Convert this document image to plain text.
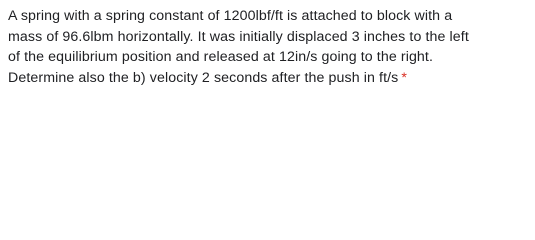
A spring with a spring constant of 1200lbf/ft is attached to block with a
mass of 96.6lbm horizontally. It was initially displaced 3 inches to the left
of the equilibrium position and released at 12in/s going to the right.
Determine also the b) velocity 2 seconds after the push in ft/s *
